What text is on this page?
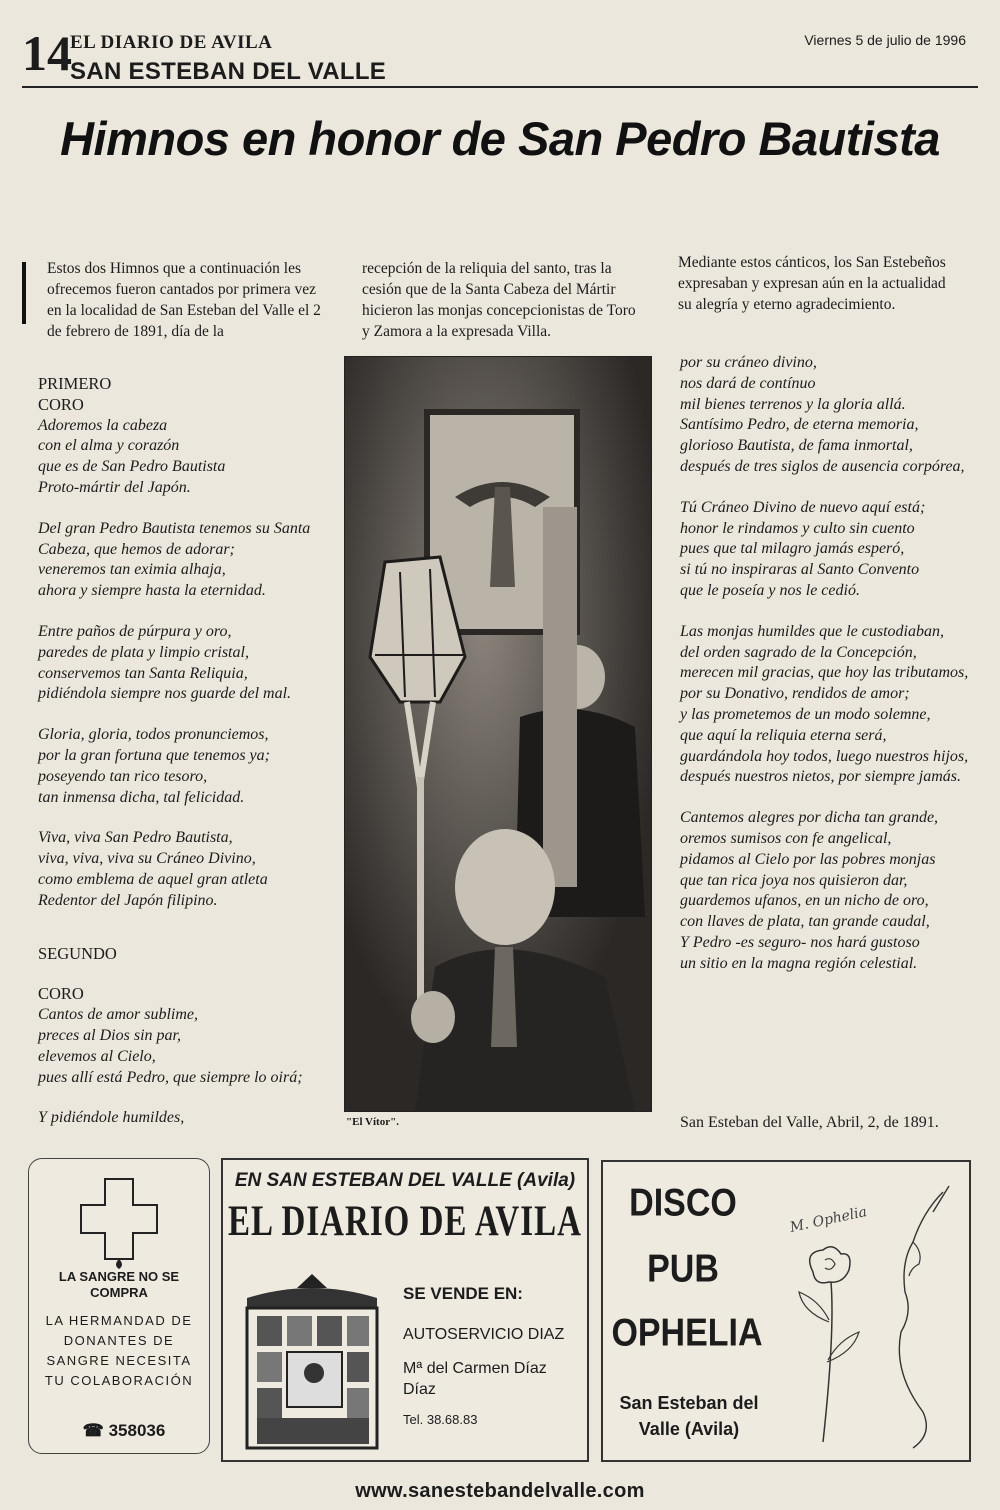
14
EL DIARIO DE AVILA
SAN ESTEBAN DEL VALLE
Viernes 5 de julio de 1996
Himnos en honor de San Pedro Bautista
Estos dos Himnos que a continuación les ofrecemos fueron cantados por primera vez en la localidad de San Esteban del Valle el 2 de febrero de 1891, día de la
recepción de la reliquia del santo, tras la cesión que de la Santa Cabeza del Mártir hicieron las monjas concepcionistas de Toro y Zamora a la expresada Villa.
Mediante estos cánticos, los San Estebeños expresaban y expresan aún en la actualidad su alegría y eterno agradecimiento.
PRIMERO
CORO

Adoremos la cabeza
con el alma y corazón
que es de San Pedro Bautista
Proto-mártir del Japón.

Del gran Pedro Bautista tenemos su Santa Cabeza, que hemos de adorar;
veneremos tan eximia alhaja,
ahora y siempre hasta la eternidad.

Entre paños de púrpura y oro,
paredes de plata y limpio cristal,
conservemos tan Santa Reliquia,
pidiéndola siempre nos guarde del mal.

Gloria, gloria, todos pronunciemos,
por la gran fortuna que tenemos ya;
poseyendo tan rico tesoro,
tan inmensa dicha, tal felicidad.

Viva, viva San Pedro Bautista,
viva, viva, viva su Cráneo Divino,
como emblema de aquel gran atleta
Redentor del Japón filipino.

SEGUNDO
CORO

Cantos de amor sublime,
preces al Dios sin par,
elevemos al Cielo,
pues allí está Pedro, que siempre lo oirá;

Y pidiéndole humildes,	"El Vítor".

por su cráneo divino,
nos dará de contínuo
mil bienes terrenos y la gloria allá.
Santísimo Pedro, de eterna memoria,
glorioso Bautista, de fama inmortal,
después de tres siglos de ausencia corpórea,

Tú Cráneo Divino de nuevo aquí está;
honor le rindamos y culto sin cuento
pues que tal milagro jamás esperó,
si tú no inspiraras al Santo Convento
que le poseía y nos le cedió.

Las monjas humildes que le custodiaban,
del orden sagrado de la Concepción,
merecen mil gracias, que hoy las tributamos,
por su Donativo, rendidos de amor;
y las prometemos de un modo solemne,
que aquí la reliquia eterna será,
guardándola hoy todos, luego nuestros hijos,
después nuestros nietos, por siempre jamás.

Cantemos alegres por dicha tan grande,
oremos sumisos con fe angelical,
pidamos al Cielo por las pobres monjas
que tan rica joya nos quisieron dar,
guardemos ufanos, en un nicho de oro,
con llaves de plata, tan grande caudal,
Y Pedro -es seguro- nos hará gustoso
un sitio en la magna región celestial.

San Esteban del Valle, Abril, 2, de 1891.
LA SANGRE NO SE COMPRA
LA HERMANDAD DE DONANTES DE SANGRE NECESITA TU COLABORACIÓN
☎ 358036
EN SAN ESTEBAN DEL VALLE (Avila)
EL DIARIO DE AVILA
SE VENDE EN:
AUTOSERVICIO DIAZ
Mª del Carmen Díaz Díaz
Tel. 38.68.83
DISCO
PUB
OPHELIA
San Esteban del Valle (Avila)
M. Ophelia
www.sanestebandelvalle.com
